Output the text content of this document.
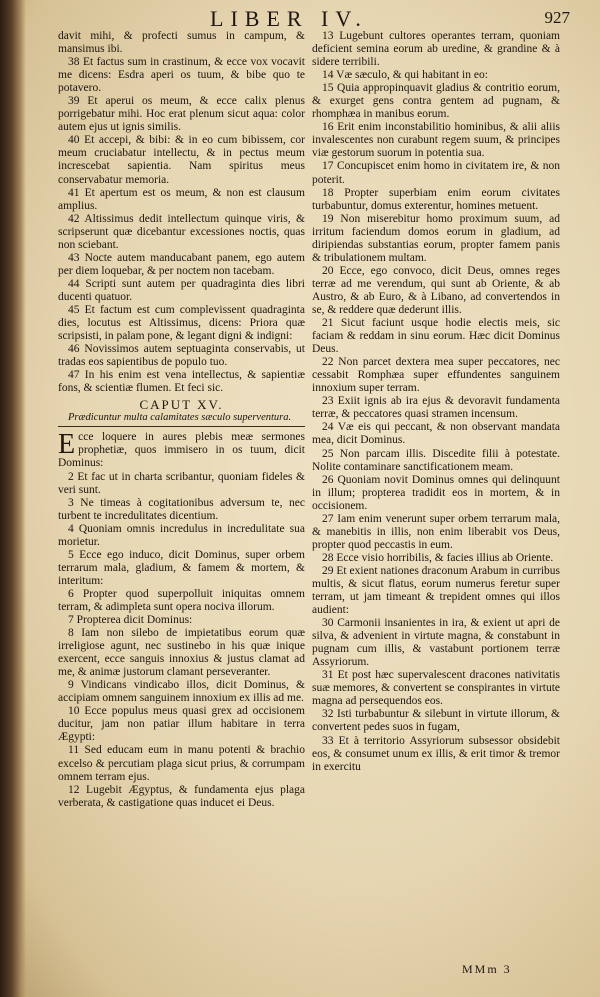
LIBER IV.	927

davit mihi, & profecti sumus in campum, & mansimus ibi.

38 Et factus sum in crastinum, & ecce vox vocavit me dicens: Esdra aperi os tuum, & bibe quo te potavero.

39 Et aperui os meum, & ecce calix plenus porrigebatur mihi. Hoc erat plenum sicut aqua: color autem ejus ut ignis similis.

40 Et accepi, & bibi: & in eo cum bibissem, cor meum cruciabatur intellectu, & in pectus meum increscebat sapientia. Nam spiritus meus conservabatur memoria.

41 Et apertum est os meum, & non est clausum amplius.

42 Altissimus dedit intellectum quinque viris, & scripserunt quæ dicebantur excessiones noctis, quas non sciebant.

43 Nocte autem manducabant panem, ego autem per diem loquebar, & per noctem non tacebam.

44 Scripti sunt autem per quadraginta dies libri ducenti quatuor.

45 Et factum est cum complevissent quadraginta dies, locutus est Altissimus, dicens: Priora quæ scripsisti, in palam pone, & legant digni & indigni:

46 Novissimos autem septuaginta conservabis, ut tradas eos sapientibus de populo tuo.

47 In his enim est vena intellectus, & sapientiæ fons, & scientiæ flumen. Et feci sic.

CAPUT XV.

Prædicuntur multa calamitates sæculo superventura.

Ecce loquere in aures plebis meæ sermones prophetiæ, quos immisero in os tuum, dicit Dominus:

2 Et fac ut in charta scribantur, quoniam fideles & veri sunt.

3 Ne timeas à cogitationibus adversum te, nec turbent te incredulitates dicentium.

4 Quoniam omnis incredulus in incredulitate sua morietur.

5 Ecce ego induco, dicit Dominus, super orbem terrarum mala, gladium, & famem & mortem, & interitum:

6 Propter quod superpolluit iniquitas omnem terram, & adimpleta sunt opera nociva illorum.

7 Propterea dicit Dominus:

8 Iam non silebo de impietatibus eorum quæ irreligiose agunt, nec sustinebo in his quæ inique exercent, ecce sanguis innoxius & justus clamat ad me, & animæ justorum clamant perseveranter.

9 Vindicans vindicabo illos, dicit Dominus, & accipiam omnem sanguinem innoxium ex illis ad me.

10 Ecce populus meus quasi grex ad occisionem ducitur, jam non patiar illum habitare in terra Ægypti:

11 Sed educam eum in manu potenti & brachio excelso & percutiam plaga sicut prius, & corrumpam omnem terram ejus.

12 Lugebit Ægyptus, & fundamenta ejus plaga verberata, & castigatione quas inducet ei Deus.

13 Lugebunt cultores operantes terram, quoniam deficient semina eorum ab uredine, & grandine & à sidere terribili.

14 Væ sæculo, & qui habitant in eo:

15 Quia appropinquavit gladius & contritio eorum, & exurget gens contra gentem ad pugnam, & rhomphæa in manibus eorum.

16 Erit enim inconstabilitio hominibus, & alii aliis invalescentes non curabunt regem suum, & principes viæ gestorum suorum in potentia sua.

17 Concupiscet enim homo in civitatem ire, & non poterit.

18 Propter superbiam enim eorum civitates turbabuntur, domus exterentur, homines metuent.

19 Non miserebitur homo proximum suum, ad irritum faciendum domos eorum in gladium, ad diripiendas substantias eorum, propter famem panis & tribulationem multam.

20 Ecce, ego convoco, dicit Deus, omnes reges terræ ad me verendum, qui sunt ab Oriente, & ab Austro, & ab Euro, & à Libano, ad convertendos in se, & reddere quæ dederunt illis.

21 Sicut faciunt usque hodie electis meis, sic faciam & reddam in sinu eorum. Hæc dicit Dominus Deus.

22 Non parcet dextera mea super peccatores, nec cessabit Romphæa super effundentes sanguinem innoxium super terram.

23 Exiit ignis ab ira ejus & devoravit fundamenta terræ, & peccatores quasi stramen incensum.

24 Væ eis qui peccant, & non observant mandata mea, dicit Dominus.

25 Non parcam illis. Discedite filii à potestate. Nolite contaminare sanctificationem meam.

26 Quoniam novit Dominus omnes qui delinquunt in illum; propterea tradidit eos in mortem, & in occisionem.

27 Iam enim venerunt super orbem terrarum mala, & manebitis in illis, non enim liberabit vos Deus, propter quod peccastis in eum.

28 Ecce visio horribilis, & facies illius ab Oriente.

29 Et exient nationes draconum Arabum in curribus multis, & sicut flatus, eorum numerus feretur super terram, ut jam timeant & trepident omnes qui illos audient:

30 Carmonii insanientes in ira, & exient ut apri de silva, & advenient in virtute magna, & constabunt in pugnam cum illis, & vastabunt portionem terræ Assyriorum.

31 Et post hæc supervalescent dracones nativitatis suæ memores, & convertent se conspirantes in virtute magna ad persequendos eos.

32 Isti turbabuntur & silebunt in virtute illorum, & convertent pedes suos in fugam,

33 Et à territorio Assyriorum subsessor obsidebit eos, & consumet unum ex illis, & erit timor & tremor in exercitu

MMm 3
